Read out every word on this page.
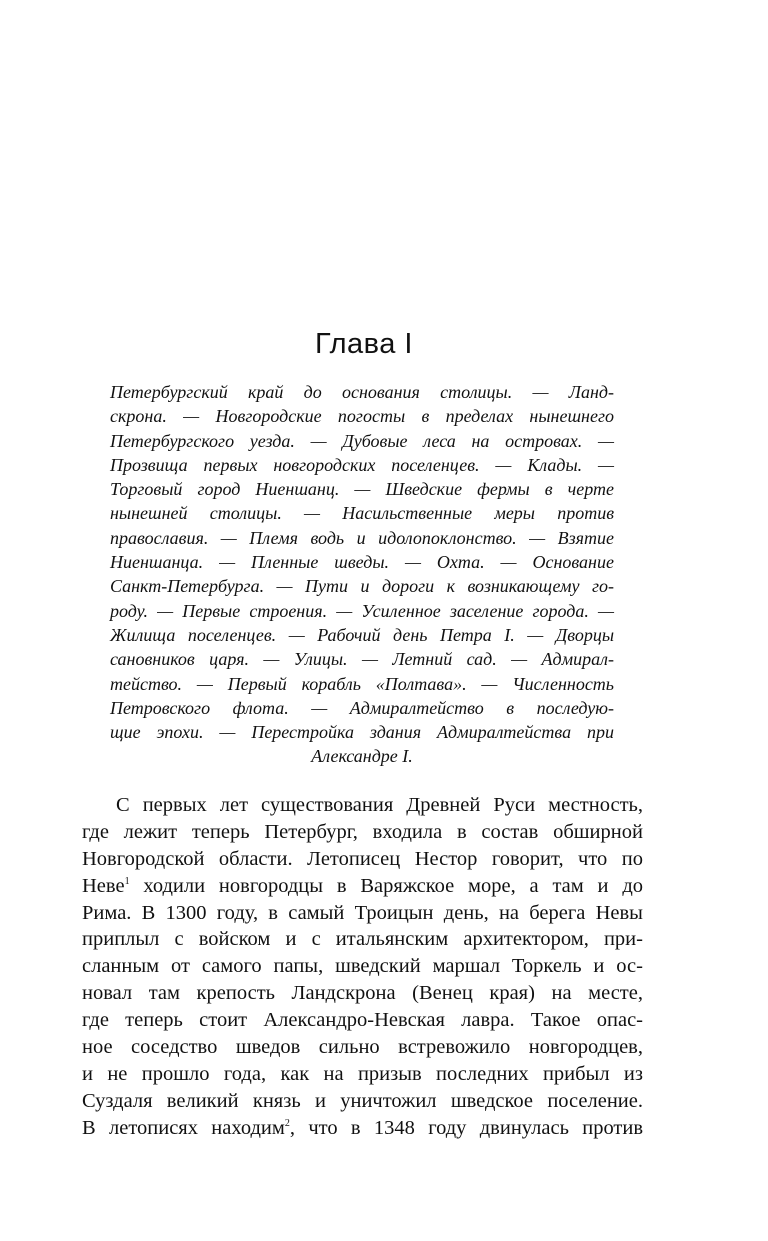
Глава I
Петербургский край до основания столицы. — Ланд-
скрона. — Новгородские погосты в пределах нынешнего
Петербургского уезда. — Дубовые леса на островах. —
Прозвища первых новгородских поселенцев. — Клады. —
Торговый город Ниеншанц. — Шведские фермы в черте
нынешней столицы. — Насильственные меры против
православия. — Племя водь и идолопоклонство. — Взятие
Ниеншанца. — Пленные шведы. — Охта. — Основание
Санкт-Петербурга. — Пути и дороги к возникающему го-
роду. — Первые строения. — Усиленное заселение города. —
Жилища поселенцев. — Рабочий день Петра I. — Дворцы
сановников царя. — Улицы. — Летний сад. — Адмирал-
тейство. — Первый корабль «Полтава». — Численность
Петровского флота. — Адмиралтейство в последую-
щие эпохи. — Перестройка здания Адмиралтейства при
Александре I.
С первых лет существования Древней Руси местность,
где лежит теперь Петербург, входила в состав обширной
Новгородской области. Летописец Нестор говорит, что по
Неве$^1$ ходили новгородцы в Варяжское море, а там и до
Рима. В 1300 году, в самый Троицын день, на берега Невы
приплыл с войском и с итальянским архитектором, при-
сланным от самого папы, шведский маршал Торкель и ос-
новал там крепость Ландскрона (Венец края) на месте,
где теперь стоит Александро-Невская лавра. Такое опас-
ное соседство шведов сильно встревожило новгородцев,
и не прошло года, как на призыв последних прибыл из
Суздаля великий князь и уничтожил шведское поселение.
В летописях находим$^2$, что в 1348 году двинулась против
